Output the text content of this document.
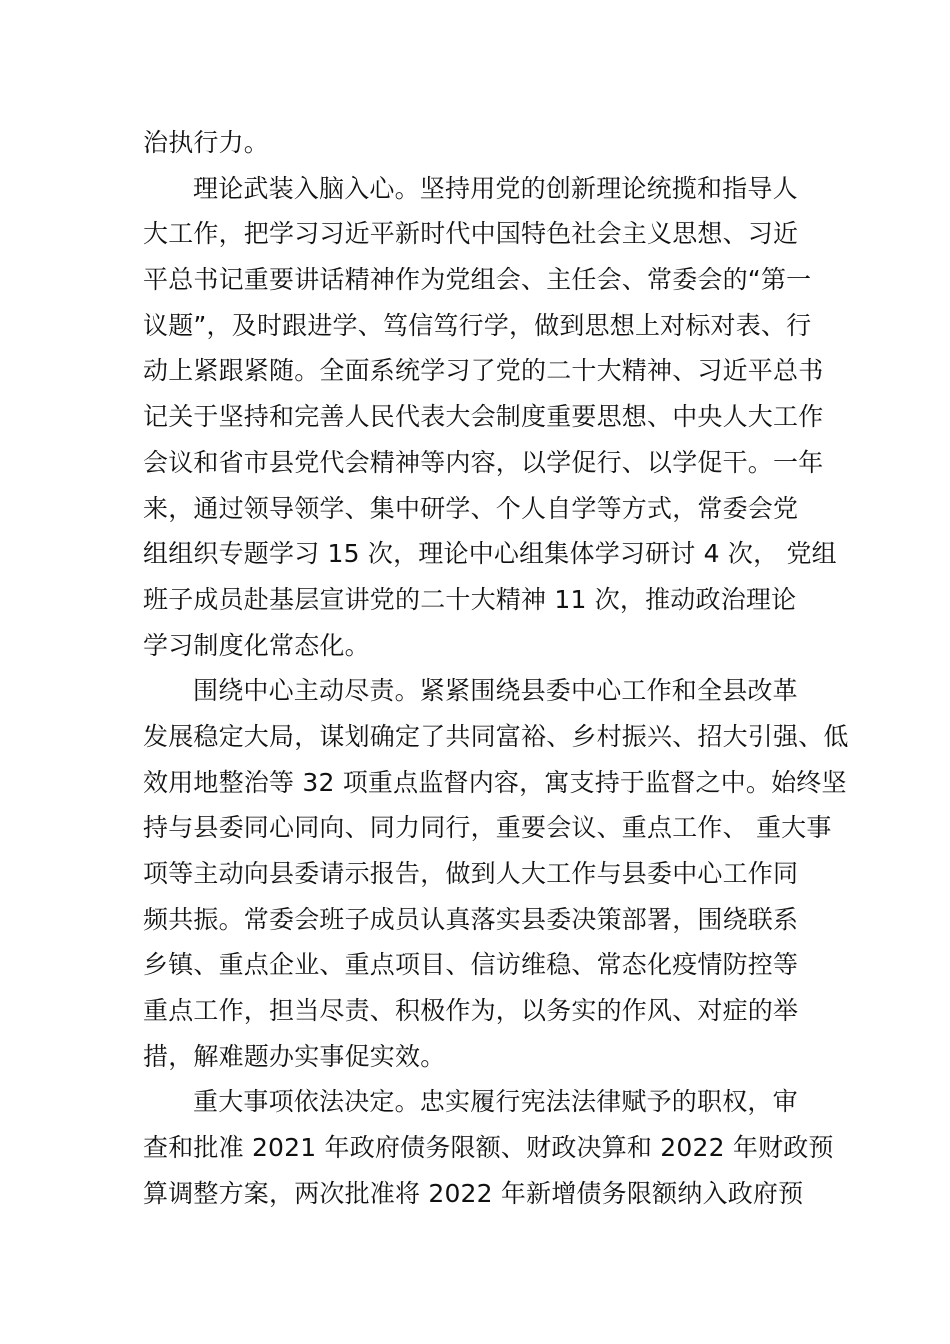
治执行力。
理论武装入脑入心。坚持用党的创新理论统揽和指导人
大工作，把学习习近平新时代中国特色社会主义思想、习近
平总书记重要讲话精神作为党组会、主任会、常委会的“第一
议题”，及时跟进学、笃信笃行学，做到思想上对标对表、行
动上紧跟紧随。全面系统学习了党的二十大精神、习近平总书
记关于坚持和完善人民代表大会制度重要思想、中央人大工作
会议和省市县党代会精神等内容，以学促行、以学促干。一年
来，通过领导领学、集中研学、个人自学等方式，常委会党
组组织专题学习 15 次，理论中心组集体学习研讨 4 次， 党组
班子成员赴基层宣讲党的二十大精神 11 次，推动政治理论
学习制度化常态化。
围绕中心主动尽责。紧紧围绕县委中心工作和全县改革
发展稳定大局，谋划确定了共同富裕、乡村振兴、招大引强、低
效用地整治等 32 项重点监督内容，寓支持于监督之中。始终坚
持与县委同心同向、同力同行，重要会议、重点工作、 重大事
项等主动向县委请示报告，做到人大工作与县委中心工作同
频共振。常委会班子成员认真落实县委决策部署，围绕联系
乡镇、重点企业、重点项目、信访维稳、常态化疫情防控等
重点工作，担当尽责、积极作为，以务实的作风、对症的举
措，解难题办实事促实效。
重大事项依法决定。忠实履行宪法法律赋予的职权，审
查和批准 2021 年政府债务限额、财政决算和 2022 年财政预
算调整方案，两次批准将 2022 年新增债务限额纳入政府预
